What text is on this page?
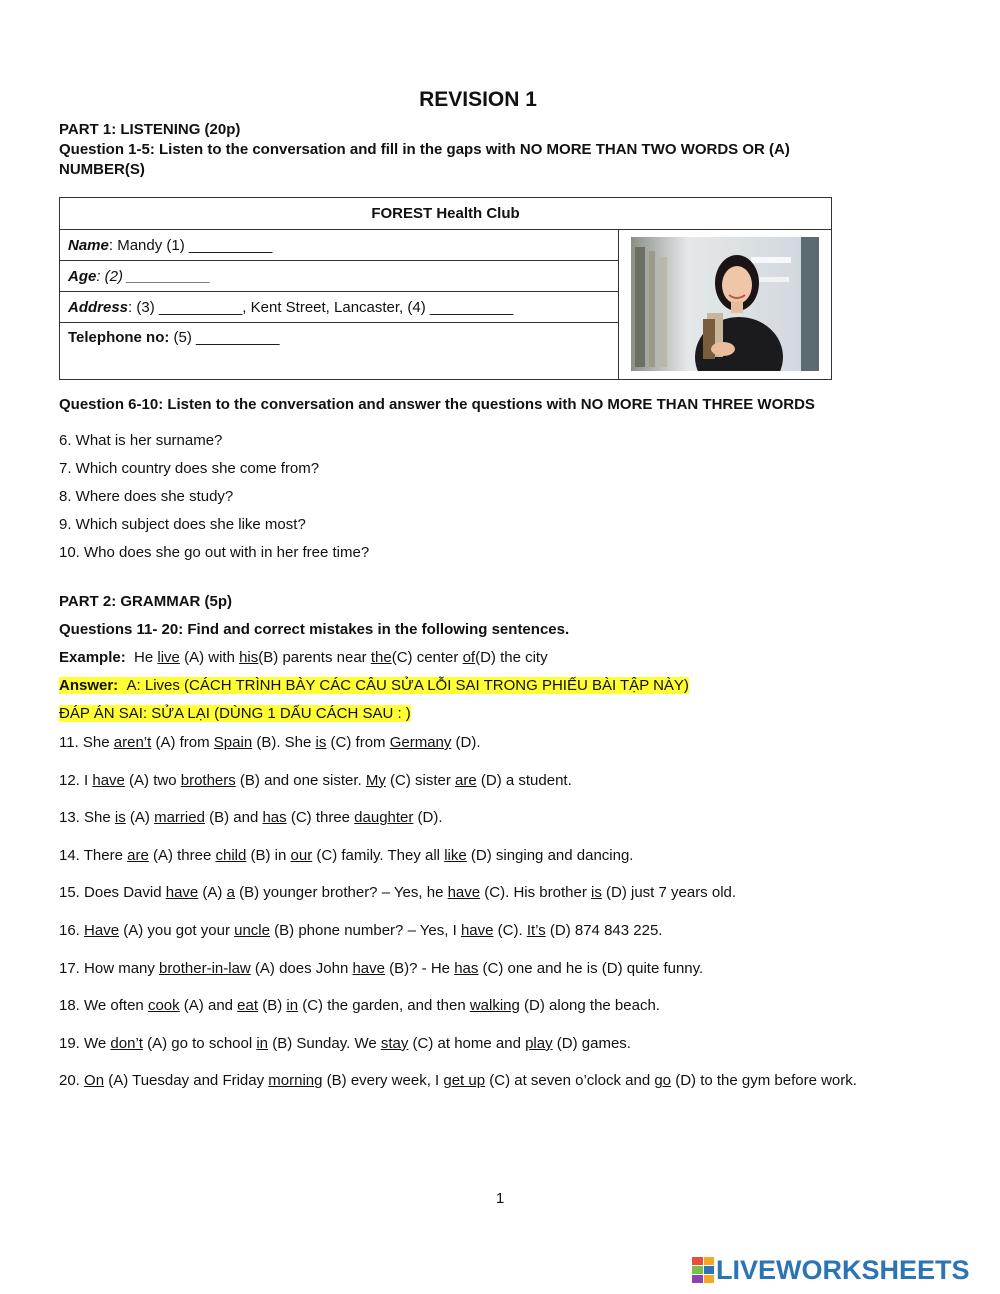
REVISION 1
PART 1: LISTENING (20p)
Question 1-5: Listen to the conversation and fill in the gaps with NO MORE THAN TWO WORDS OR (A) NUMBER(S)
FOREST Health Club
Name: Mandy (1) __________	
Age: (2) __________
Address: (3) __________, Kent Street, Lancaster, (4) __________
Telephone no: (5) __________
Question 6-10: Listen to the conversation and answer the questions with NO MORE THAN THREE WORDS
6. What is her surname?
7. Which country does she come from?
8. Where does she study?
9. Which subject does she like most?
10. Who does she go out with in her free time?
PART 2: GRAMMAR (5p)
Questions 11- 20: Find and correct mistakes in the following sentences.
Example: He live (A) with his(B) parents near the(C) center of(D) the city
Answer: A: Lives (CÁCH TRÌNH BÀY CÁC CÂU SỬA LỖI SAI TRONG PHIẾU BÀI TẬP NÀY)
ĐÁP ÁN SAI: SỬA LẠI (DÙNG 1 DẤU CÁCH SAU : )
11. She aren’t (A) from Spain (B). She is (C) from Germany (D).
12. I have (A) two brothers (B) and one sister. My (C) sister are (D) a student.
13. She is (A) married (B) and has (C) three daughter (D).
14. There are (A) three child (B) in our (C) family. They all like (D) singing and dancing.
15. Does David have (A) a (B) younger brother? – Yes, he have (C). His brother is (D) just 7 years old.
16. Have (A) you got your uncle (B) phone number? – Yes, I have (C). It’s (D) 874 843 225.
17. How many brother-in-law (A) does John have (B)? - He has (C) one and he is (D) quite funny.
18. We often cook (A) and eat (B) in (C) the garden, and then walking (D) along the beach.
19. We don’t (A) go to school in (B) Sunday. We stay (C) at home and play (D) games.
20. On (A) Tuesday and Friday morning (B) every week, I get up (C) at seven o’clock and go (D) to the gym before work.
1
LIVEWORKSHEETS
